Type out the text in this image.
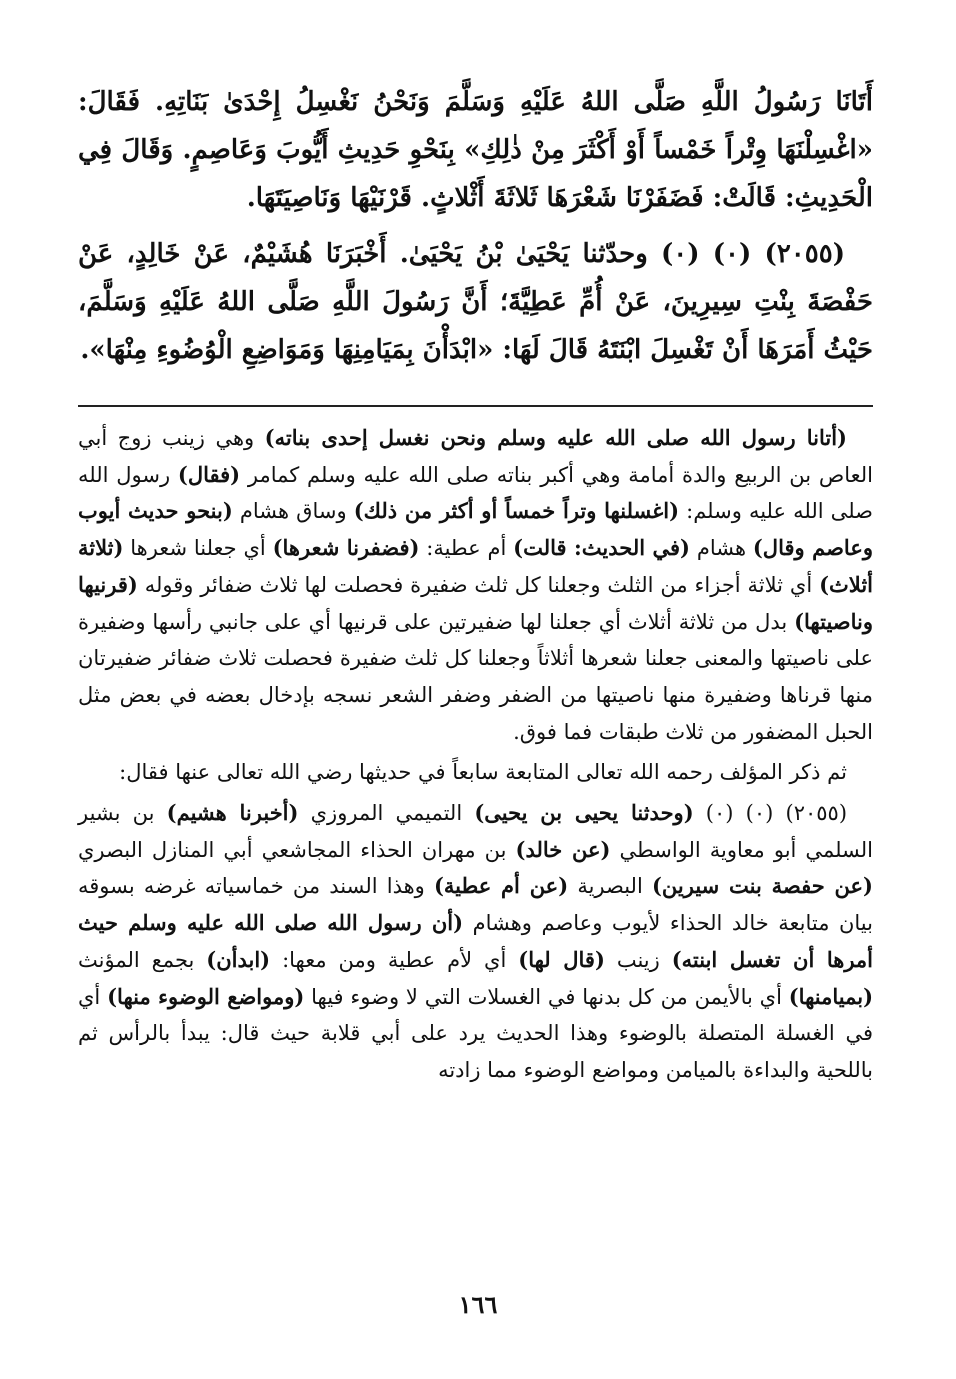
أَتَانَا رَسُولُ اللَّهِ صَلَّى اللهُ عَلَيْهِ وَسَلَّمَ وَنَحْنُ نَغْسِلُ إِحْدَىٰ بَنَاتِهِ. فَقَالَ: «اغْسِلْنَهَا وِتْراً خَمْساً أَوْ أَكْثَرَ مِنْ ذٰلِكِ» بِنَحْوِ حَدِيثِ أَيُّوبَ وَعَاصِمٍ. وَقَالَ فِي الْحَدِيثِ: قَالَتْ: فَضَفَرْنَا شَعْرَهَا ثَلاثَةَ أَثْلاثٍ. قَرْنَيْهَا وَنَاصِيَتَهَا.

(٢٠٥٥) (٠) (٠) وحدّثنا يَحْيَىٰ بْنُ يَحْيَىٰ. أَخْبَرَنَا هُشَيْمٌ، عَنْ خَالِدٍ، عَنْ حَفْصَةَ بِنْتِ سِيرِينَ، عَنْ أُمِّ عَطِيَّةَ؛ أَنَّ رَسُولَ اللَّهِ صَلَّى اللهُ عَلَيْهِ وَسَلَّمَ، حَيْثُ أَمَرَهَا أَنْ تَغْسِلَ ابْنَتَهُ قَالَ لَهَا: «ابْدَأْنَ بِمَيَامِنِهَا وَمَوَاضِعِ الْوُضُوءِ مِنْهَا».

(أتانا رسول الله صلى الله عليه وسلم ونحن نغسل إحدى بناته) وهي زينب زوج أبي العاص بن الربيع والدة أمامة وهي أكبر بناته صلى الله عليه وسلم كمامر (فقال) رسول الله صلى الله عليه وسلم: (اغسلنها وتراً خمساً أو أكثر من ذلك) وساق هشام (بنحو حديث أيوب وعاصم وقال) هشام (في الحديث: قالت) أم عطية: (فضفرنا شعرها) أي جعلنا شعرها (ثلاثة أثلاث) أي ثلاثة أجزاء من الثلث وجعلنا كل ثلث ضفيرة فحصلت لها ثلاث ضفائر وقوله (قرنيها وناصيتها) بدل من ثلاثة أثلاث أي جعلنا لها ضفيرتين على قرنيها أي على جانبي رأسها وضفيرة على ناصيتها والمعنى جعلنا شعرها أثلاثاً وجعلنا كل ثلث ضفيرة فحصلت ثلاث ضفائر ضفيرتان منها قرناها وضفيرة منها ناصيتها من الضفر وضفر الشعر نسجه بإدخال بعضه في بعض مثل الحبل المضفور من ثلاث طبقات فما فوق.

ثم ذكر المؤلف رحمه الله تعالى المتابعة سابعاً في حديثها رضي الله تعالى عنها فقال:

(٢٠٥٥) (٠) (٠) (وحدثنا يحيى بن يحيى) التميمي المروزي (أخبرنا هشيم) بن بشير السلمي أبو معاوية الواسطي (عن خالد) بن مهران الحذاء المجاشعي أبي المنازل البصري (عن حفصة بنت سيرين) البصرية (عن أم عطية) وهذا السند من خماسياته غرضه بسوقه بيان متابعة خالد الحذاء لأيوب وعاصم وهشام (أن رسول الله صلى الله عليه وسلم حيث أمرها أن تغسل ابنته) زينب (قال لها) أي لأم عطية ومن معها: (ابدأن) بجمع المؤنث (بميامنها) أي بالأيمن من كل بدنها في الغسلات التي لا وضوء فيها (ومواضع الوضوء منها) أي في الغسلة المتصلة بالوضوء وهذا الحديث يرد على أبي قلابة حيث قال: يبدأ بالرأس ثم باللحية والبداءة بالميامن ومواضع الوضوء مما زادته

١٦٦
